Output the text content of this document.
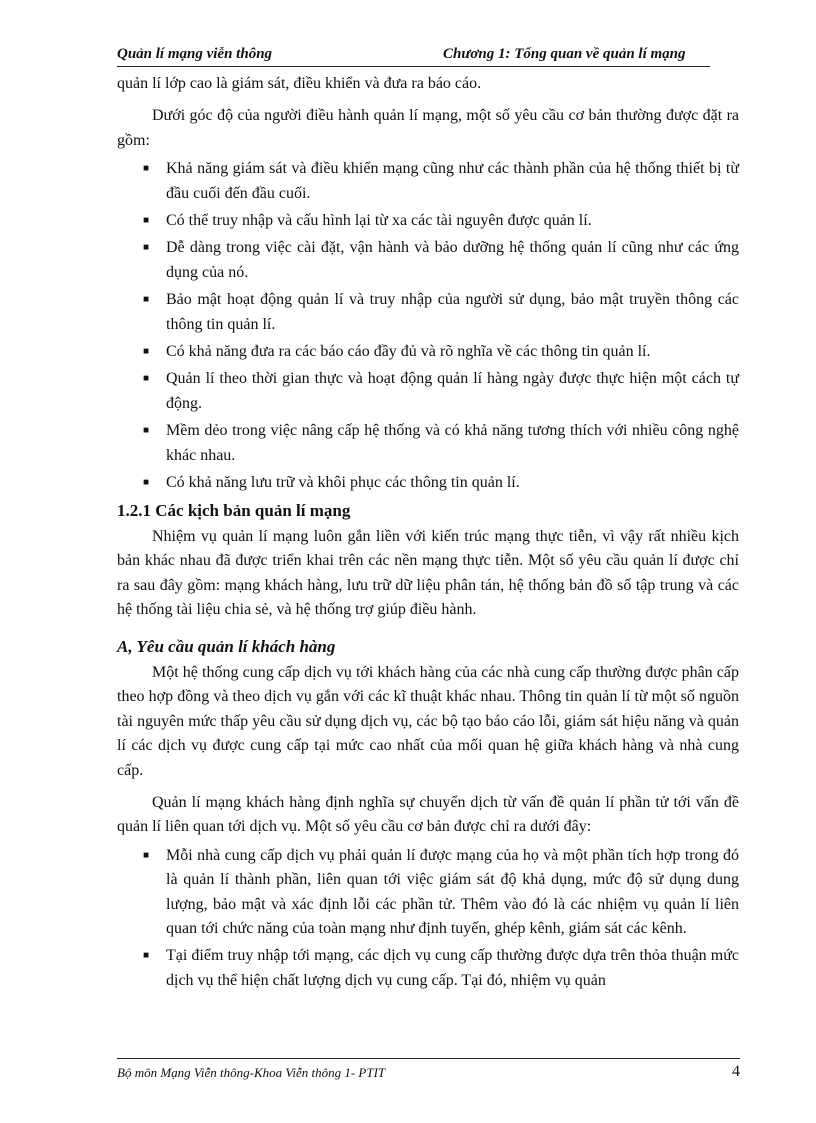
Quản lí mạng viễn thông	Chương 1: Tổng quan về quản lí mạng

quản lí lớp cao là giám sát, điều khiển và đưa ra báo cáo.

Dưới góc độ của người điều hành quản lí mạng, một số yêu cầu cơ bản thường được đặt ra gồm:

■ Khả năng giám sát và điều khiển mạng cũng như các thành phần của hệ thống thiết bị từ đầu cuối đến đầu cuối.
■ Có thể truy nhập và cấu hình lại từ xa các tài nguyên được quản lí.
■ Dễ dàng trong việc cài đặt, vận hành và bảo dưỡng hệ thống quản lí cũng như các ứng dụng của nó.
■ Bảo mật hoạt động quản lí và truy nhập của người sử dụng, bảo mật truyền thông các thông tin quản lí.
■ Có khả năng đưa ra các báo cáo đầy đủ và rõ nghĩa về các thông tin quản lí.
■ Quản lí theo thời gian thực và hoạt động quản lí hàng ngày được thực hiện một cách tự động.
■ Mềm dẻo trong việc nâng cấp hệ thống và có khả năng tương thích với nhiều công nghệ khác nhau.
■ Có khả năng lưu trữ và khôi phục các thông tin quản lí.
1.2.1 Các kịch bản quản lí mạng

Nhiệm vụ quản lí mạng luôn gắn liền với kiến trúc mạng thực tiễn, vì vậy rất nhiều kịch bản khác nhau đã được triển khai trên các nền mạng thực tiễn. Một số yêu cầu quản lí được chỉ ra sau đây gồm: mạng khách hàng, lưu trữ dữ liệu phân tán, hệ thống bản đồ số tập trung và các hệ thống tài liệu chia sẻ, và hệ thống trợ giúp điều hành.

A, Yêu cầu quản lí khách hàng

Một hệ thống cung cấp dịch vụ tới khách hàng của các nhà cung cấp thường được phân cấp theo hợp đồng và theo dịch vụ gắn với các kĩ thuật khác nhau. Thông tin quản lí từ một số nguồn tài nguyên mức thấp yêu cầu sử dụng dịch vụ, các bộ tạo báo cáo lỗi, giám sát hiệu năng và quản lí các dịch vụ được cung cấp tại mức cao nhất của mối quan hệ giữa khách hàng và nhà cung cấp.

Quản lí mạng khách hàng định nghĩa sự chuyển dịch từ vấn đề quản lí phần tử tới vấn đề quản lí liên quan tới dịch vụ. Một số yêu cầu cơ bản được chỉ ra dưới đây:

■ Mỗi nhà cung cấp dịch vụ phải quản lí được mạng của họ và một phần tích hợp trong đó là quản lí thành phần, liên quan tới việc giám sát độ khả dụng, mức độ sử dụng dung lượng, bảo mật và xác định lỗi các phần tử. Thêm vào đó là các nhiệm vụ quản lí liên quan tới chức năng của toàn mạng như định tuyến, ghép kênh, giám sát các kênh.
■ Tại điểm truy nhập tới mạng, các dịch vụ cung cấp thường được dựa trên thỏa thuận mức dịch vụ thể hiện chất lượng dịch vụ cung cấp. Tại đó, nhiệm vụ quản
Bộ môn Mạng Viễn thông-Khoa Viễn thông 1- PTIT	4
